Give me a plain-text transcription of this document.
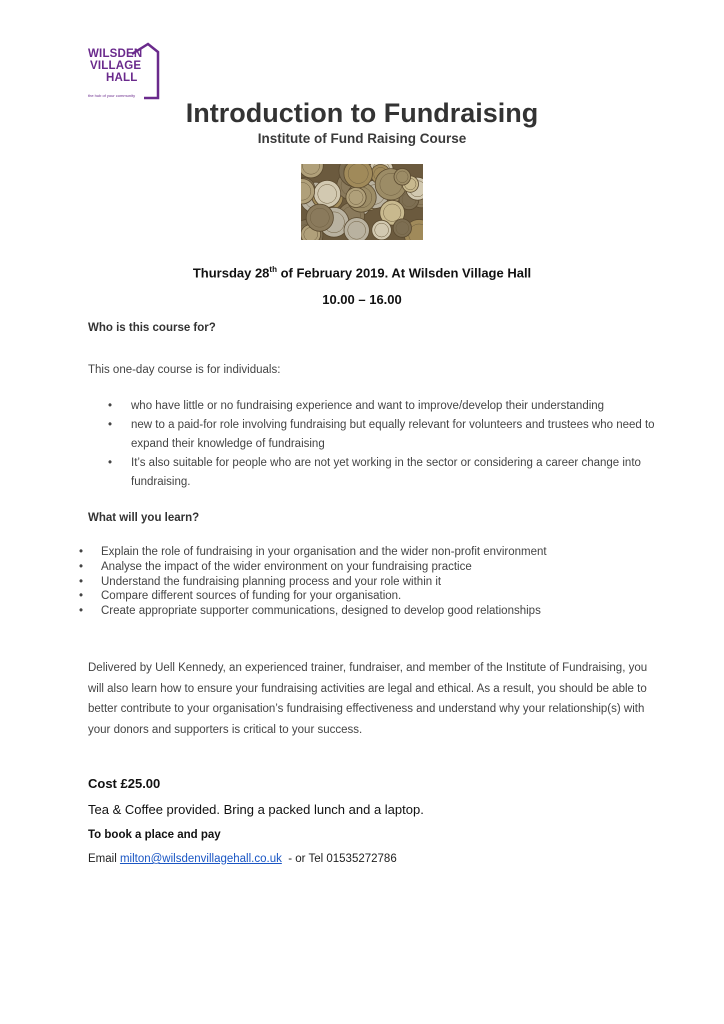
WILSDEN
VILLAGE
HALL
the hub of your community
Introduction to Fundraising
Institute of Fund Raising Course
Thursday 28th of February 2019. At Wilsden Village Hall
10.00 – 16.00
Who is this course for?
This one-day course is for individuals:
• who have little or no fundraising experience and want to improve/develop their understanding
• new to a paid-for role involving fundraising but equally relevant for volunteers and trustees who need to expand their knowledge of fundraising
• It’s also suitable for people who are not yet working in the sector or considering a career change into fundraising.
What will you learn?
• Explain the role of fundraising in your organisation and the wider non-profit environment
• Analyse the impact of the wider environment on your fundraising practice
• Understand the fundraising planning process and your role within it
• Compare different sources of funding for your organisation.
• Create appropriate supporter communications, designed to develop good relationships
Delivered by Uell Kennedy, an experienced trainer, fundraiser, and member of the Institute of Fundraising, you will also learn how to ensure your fundraising activities are legal and ethical. As a result, you should be able to better contribute to your organisation’s fundraising effectiveness and understand why your relationship(s) with your donors and supporters is critical to your success.
Cost £25.00
Tea & Coffee provided. Bring a packed lunch and a laptop.
To book a place and pay
Email milton@wilsdenvillagehall.co.uk  - or Tel 01535272786
